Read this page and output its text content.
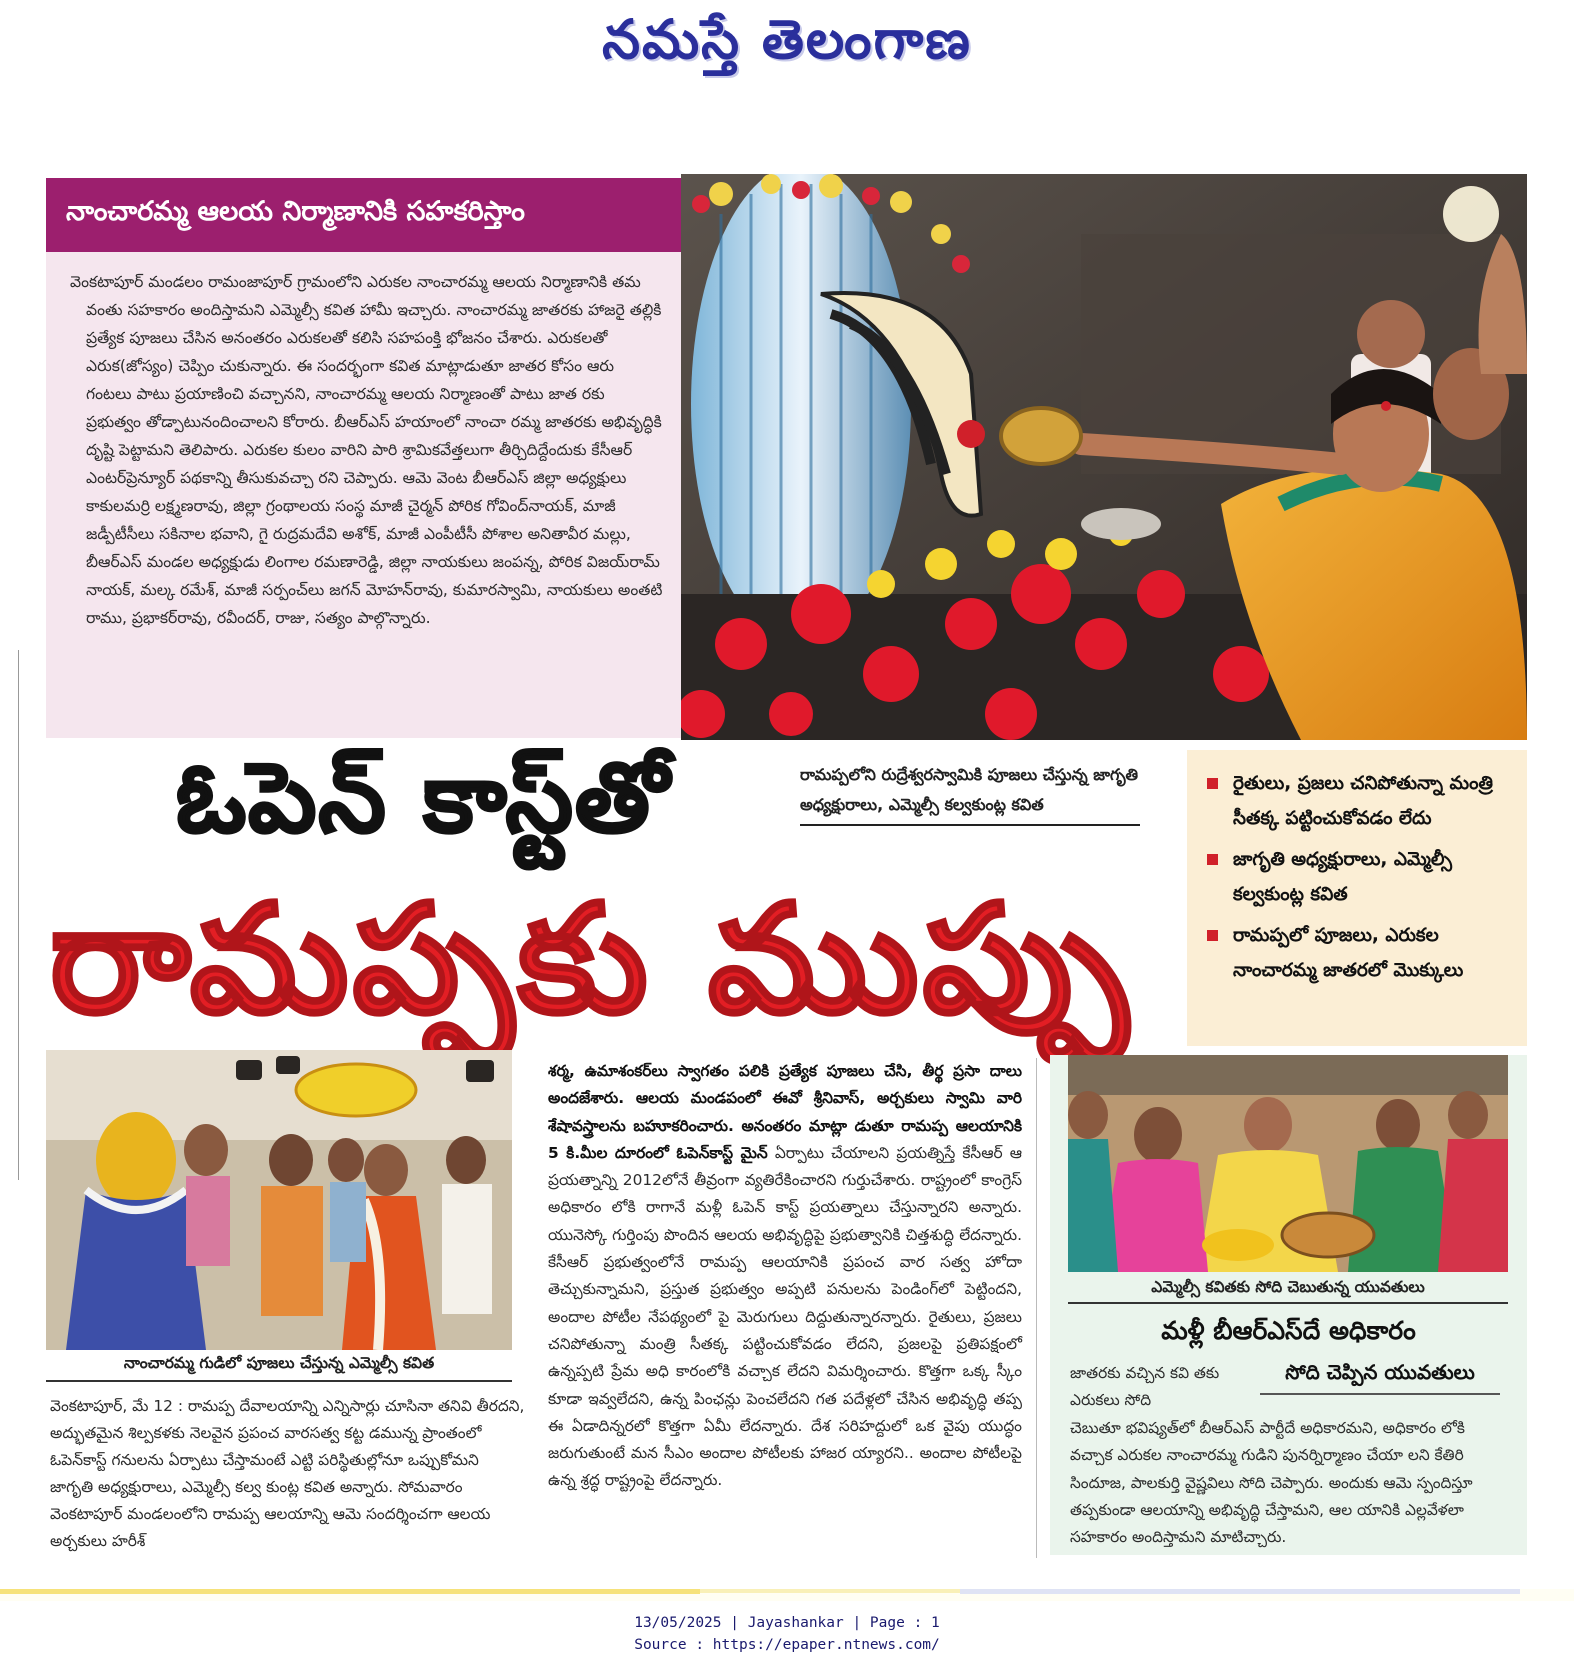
నమస్తే తెలంగాణ
నాంచారమ్మ ఆలయ నిర్మాణానికి సహకరిస్తాం

వెంకటాపూర్ మండలం రామంజాపూర్ గ్రామంలోని ఎరుకల నాంచారమ్మ ఆలయ నిర్మాణానికి తమ వంతు సహకారం అందిస్తామని ఎమ్మెల్సీ కవిత హామీ ఇచ్చారు. నాంచారమ్మ జాతరకు హాజరై తల్లికి ప్రత్యేక పూజలు చేసిన అనంతరం ఎరుకలతో కలిసి సహపంక్తి భోజనం చేశారు. ఎరుకలతో ఎరుక(జోస్యం) చెప్పిం చుకున్నారు. ఈ సందర్భంగా కవిత మాట్లాడుతూ జాతర కోసం ఆరు గంటలు పాటు ప్రయాణించి వచ్చానని, నాంచారమ్మ ఆలయ నిర్మాణంతో పాటు జాత రకు ప్రభుత్వం తోడ్పాటునందించాలని కోరారు. బీఆర్ఎస్ హయాంలో నాంచా రమ్మ జాతరకు అభివృద్ధికి దృష్టి పెట్టామని తెలిపారు. ఎరుకల కులం వారిని పారి శ్రామికవేత్తలుగా తీర్చిదిద్దేందుకు కేసీఆర్ ఎంటర్‌ప్రెన్యూర్ పథకాన్ని తీసుకువచ్చా రని చెప్పారు. ఆమె వెంట బీఆర్ఎస్ జిల్లా అధ్యక్షులు కాకులమర్రి లక్ష్మణరావు, జిల్లా గ్రంథాలయ సంస్థ మాజీ చైర్మన్ పోరిక గోవింద్‌నాయక్, మాజీ జడ్పీటీసీలు సకినాల భవాని, గై రుద్రమదేవి అశోక్, మాజీ ఎంపీటీసీ పోశాల అనితావీర మల్లు, బీఆర్ఎస్ మండల అధ్యక్షుడు లింగాల రమణారెడ్డి, జిల్లా నాయకులు జంపన్న, పోరిక విజయ్‌రామ్ నాయక్, మల్క రమేశ్, మాజీ సర్పంచ్‌లు జగన్ మోహన్‌రావు, కుమారస్వామి, నాయకులు అంతటి రాము, ప్రభాకర్‌రావు, రవీందర్, రాజు, సత్యం పాల్గొన్నారు.

ఓపెన్ కాస్ట్‌తో
రామప్పకు ముప్పు
రామప్పలోని రుద్రేశ్వరస్వామికి పూజలు చేస్తున్న జాగృతి అధ్యక్షురాలు, ఎమ్మెల్సీ కల్వకుంట్ల కవిత
రైతులు, ప్రజలు చనిపోతున్నా మంత్రి సీతక్క పట్టించుకోవడం లేదు
జాగృతి అధ్యక్షురాలు, ఎమ్మెల్సీ కల్వకుంట్ల కవిత
రామప్పలో పూజలు, ఎరుకల నాంచారమ్మ జాతరలో మొక్కులు
నాంచారమ్మ గుడిలో పూజలు చేస్తున్న ఎమ్మెల్సీ కవిత

వెంకటాపూర్, మే 12 : రామప్ప దేవాలయాన్ని ఎన్నిసార్లు చూసినా తనివి తీరదని, అద్భుతమైన శిల్పకళకు నెలవైన ప్రపంచ వారసత్వ కట్ట డమున్న ప్రాంతంలో ఓపెన్‌కాస్ట్ గనులను ఏర్పాటు చేస్తామంటే ఎట్టి పరిస్థితుల్లోనూ ఒప్పుకోమని జాగృతి అధ్యక్షురాలు, ఎమ్మెల్సీ కల్వ కుంట్ల కవిత అన్నారు. సోమవారం వెంకటాపూర్ మండలంలోని రామప్ప ఆలయాన్ని ఆమె సందర్శించగా ఆలయ అర్చకులు హరీశ్

శర్మ, ఉమాశంకర్‌లు స్వాగతం పలికి ప్రత్యేక పూజలు చేసి, తీర్థ ప్రసా దాలు అందజేశారు. ఆలయ మండపంలో ఈవో శ్రీనివాస్, అర్చకులు స్వామి వారి శేషావస్త్రాలను బహూకరించారు. అనంతరం మాట్లా డుతూ రామప్ప ఆలయానికి 5 కి.మీల దూరంలో ఓపెన్‌కాస్ట్ మైన్ ఏర్పాటు చేయాలని ప్రయత్నిస్తే కేసీఆర్ ఆ ప్రయత్నాన్ని 2012లోనే తీవ్రంగా వ్యతిరేకించారని గుర్తుచేశారు. రాష్ట్రంలో కాంగ్రెస్ అధికారం లోకి రాగానే మళ్లీ ఓపెన్ కాస్ట్ ప్రయత్నాలు చేస్తున్నారని అన్నారు. యునెస్కో గుర్తింపు పొందిన ఆలయ అభివృద్ధిపై ప్రభుత్వానికి చిత్తశుద్ధి లేదన్నారు. కేసీఆర్ ప్రభుత్వంలోనే రామప్ప ఆలయానికి ప్రపంచ వార సత్వ హోదా తెచ్చుకున్నామని, ప్రస్తుత ప్రభుత్వం అప్పటి పనులను పెండింగ్‌లో పెట్టిందని, అందాల పోటీల నేపథ్యంలో పై మెరుగులు దిద్దుతున్నారన్నారు. రైతులు, ప్రజలు చనిపోతున్నా మంత్రి సీతక్క పట్టించుకోవడం లేదని, ప్రజలపై ప్రతిపక్షంలో ఉన్నప్పటి ప్రేమ అధి కారంలోకి వచ్చాక లేదని విమర్శించారు. కొత్తగా ఒక్క స్కీం కూడా ఇవ్వలేదని, ఉన్న పింఛన్లు పెంచలేదని గత పదేళ్లలో చేసిన అభివృద్ధి తప్ప ఈ ఏడాదిన్నరలో కొత్తగా ఏమీ లేదన్నారు. దేశ సరిహద్దులో ఒక వైపు యుద్ధం జరుగుతుంటే మన సీఎం అందాల పోటీలకు హాజర య్యారని.. అందాల పోటీలపై ఉన్న శ్రద్ధ రాష్ట్రంపై లేదన్నారు.
ఎమ్మెల్సీ కవితకు సోది చెబుతున్న యువతులు
మళ్లీ బీఆర్ఎస్‌దే అధికారం
జాతరకు వచ్చిన కవి తకు ఎరుకలు సోది
సోది చెప్పిన యువతులు
చెబుతూ భవిష్యత్‌లో బీఆర్ఎస్ పార్టీదే అధికారమని, అధికారం లోకి వచ్చాక ఎరుకల నాంచారమ్మ గుడిని పునర్నిర్మాణం చేయా లని కేతిరి సిందూజ, పాలకుర్తి వైష్ణవిలు సోది చెప్పారు. అందుకు ఆమె స్పందిస్తూ తప్పకుండా ఆలయాన్ని అభివృద్ధి చేస్తామని, ఆల యానికి ఎల్లవేళలా సహకారం అందిస్తామని మాటిచ్చారు.
13/05/2025 | Jayashankar | Page : 1
Source : https://epaper.ntnews.com/
